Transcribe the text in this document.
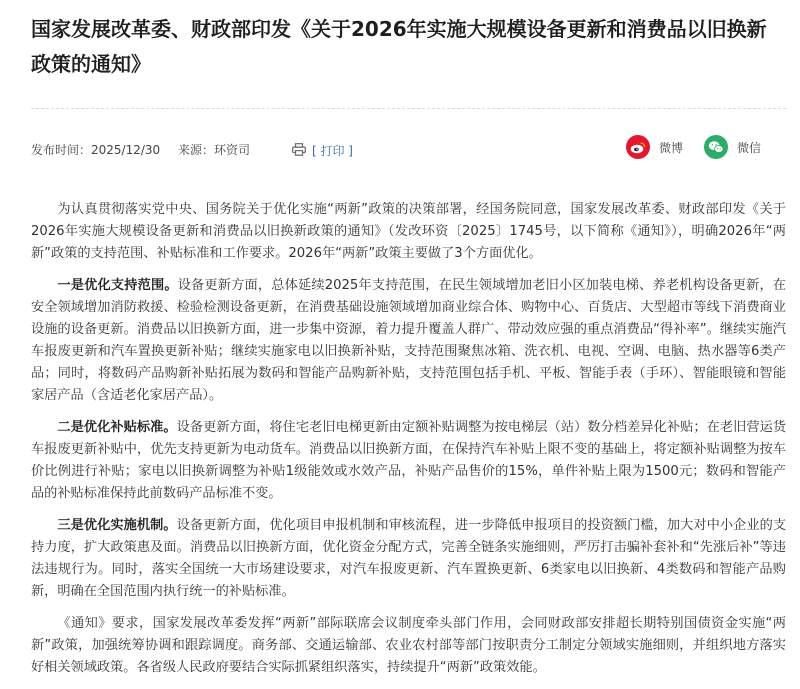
国家发展改革委、财政部印发《关于2026年实施大规模设备更新和消费品以旧换新政策的通知》
发布时间：2025/12/30 来源：环资司	[ 打印 ]	微博	微信

为认真贯彻落实党中央、国务院关于优化实施“两新”政策的决策部署，经国务院同意，国家发展改革委、财政部印发《关于2026年实施大规模设备更新和消费品以旧换新政策的通知》（发改环资〔2025〕1745号，以下简称《通知》），明确2026年“两新”政策的支持范围、补贴标准和工作要求。2026年“两新”政策主要做了3个方面优化。

一是优化支持范围。设备更新方面，总体延续2025年支持范围，在民生领域增加老旧小区加装电梯、养老机构设备更新，在安全领域增加消防救援、检验检测设备更新，在消费基础设施领域增加商业综合体、购物中心、百货店、大型超市等线下消费商业设施的设备更新。消费品以旧换新方面，进一步集中资源，着力提升覆盖人群广、带动效应强的重点消费品“得补率”。继续实施汽车报废更新和汽车置换更新补贴；继续实施家电以旧换新补贴，支持范围聚焦冰箱、洗衣机、电视、空调、电脑、热水器等6类产品；同时，将数码产品购新补贴拓展为数码和智能产品购新补贴，支持范围包括手机、平板、智能手表（手环）、智能眼镜和智能家居产品（含适老化家居产品）。

二是优化补贴标准。设备更新方面，将住宅老旧电梯更新由定额补贴调整为按电梯层（站）数分档差异化补贴；在老旧营运货车报废更新补贴中，优先支持更新为电动货车。消费品以旧换新方面，在保持汽车补贴上限不变的基础上，将定额补贴调整为按车价比例进行补贴；家电以旧换新调整为补贴1级能效或水效产品，补贴产品售价的15%，单件补贴上限为1500元；数码和智能产品的补贴标准保持此前数码产品标准不变。

三是优化实施机制。设备更新方面，优化项目申报机制和审核流程，进一步降低申报项目的投资额门槛，加大对中小企业的支持力度，扩大政策惠及面。消费品以旧换新方面，优化资金分配方式，完善全链条实施细则，严厉打击骗补套补和“先涨后补”等违法违规行为。同时，落实全国统一大市场建设要求，对汽车报废更新、汽车置换更新、6类家电以旧换新、4类数码和智能产品购新，明确在全国范围内执行统一的补贴标准。

《通知》要求，国家发展改革委发挥“两新”部际联席会议制度牵头部门作用，会同财政部安排超长期特别国债资金实施“两新”政策，加强统筹协调和跟踪调度。商务部、交通运输部、农业农村部等部门按职责分工制定分领域实施细则，并组织地方落实好相关领域政策。各省级人民政府要结合实际抓紧组织落实，持续提升“两新”政策效能。
